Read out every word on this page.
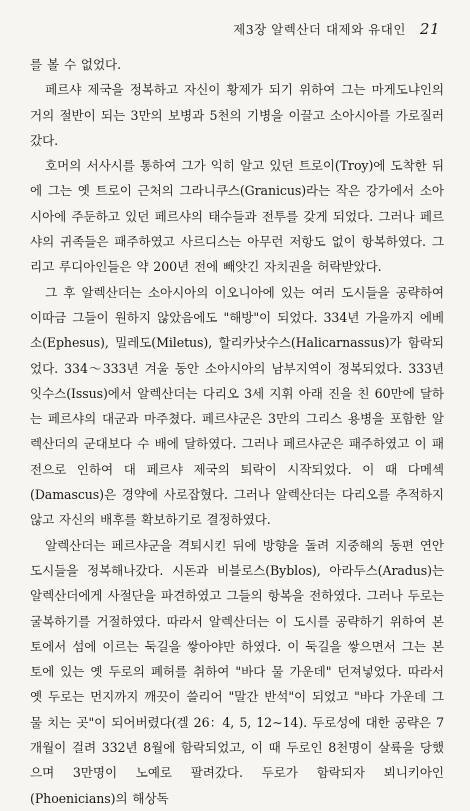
제3장 알렉산더 대제와 유대인 21

를 볼 수 없었다.

페르샤 제국을 정복하고 자신이 황제가 되기 위하여 그는 마게도냐인의 거의 절반이 되는 3만의 보병과 5천의 기병을 이끌고 소아시아를 가로질러 갔다.

호머의 서사시를 통하여 그가 익히 알고 있던 트로이(Troy)에 도착한 뒤에 그는 옛 트로이 근처의 그라니쿠스(Granicus)라는 작은 강가에서 소아시아에 주둔하고 있던 페르샤의 태수들과 전투를 갖게 되었다. 그러나 페르샤의 귀족들은 패주하였고 사르디스는 아무런 저항도 없이 항복하였다. 그리고 루디아인들은 약 200년 전에 빼앗긴 자치권을 허락받았다.

그 후 알렉산더는 소아시아의 이오니아에 있는 여러 도시들을 공략하여 이따금 그들이 원하지 않았음에도 "해방"이 되었다. 334년 가을까지 에베소(Ephesus), 밀레도(Miletus), 할리카낫수스(Halicarnassus)가 함락되었다. 334～333년 겨울 동안 소아시아의 남부지역이 정복되었다. 333년 잇수스(Issus)에서 알렉산더는 다리오 3세 지휘 아래 진을 친 60만에 달하는 페르샤의 대군과 마주쳤다. 페르샤군은 3만의 그리스 용병을 포함한 알렉산더의 군대보다 수 배에 달하였다. 그러나 페르샤군은 패주하였고 이 패전으로 인하여 대 페르샤 제국의 퇴락이 시작되었다. 이 때 다메섹(Damascus)은 경약에 사로잡혔다. 그러나 알렉산더는 다리오를 추적하지 않고 자신의 배후를 확보하기로 결정하였다.

알렉산더는 페르샤군을 격퇴시킨 뒤에 방향을 돌려 지중해의 동편 연안 도시들을 정복해나갔다. 시돈과 비블로스(Byblos), 아라두스(Aradus)는 알렉산더에게 사절단을 파견하였고 그들의 항복을 전하였다. 그러나 두로는 굴복하기를 거절하였다. 따라서 알렉산더는 이 도시를 공략하기 위하여 본토에서 섬에 이르는 둑길을 쌓아야만 하였다. 이 둑길을 쌓으면서 그는 본토에 있는 옛 두로의 폐허를 취하여 "바다 물 가운데" 던져넣었다. 따라서 옛 두로는 먼지까지 깨끗이 쓸리어 "말간 반석"이 되었고 "바다 가운데 그물 치는 곳"이 되어버렸다(겔 26：4, 5, 12∼14). 두로성에 대한 공략은 7개월이 걸려 332년 8월에 함락되었고, 이 때 두로인 8천명이 살륙을 당했으며 3만명이 노예로 팔려갔다. 두로가 함락되자 뵈니키아인(Phoenicians)의 해상독
